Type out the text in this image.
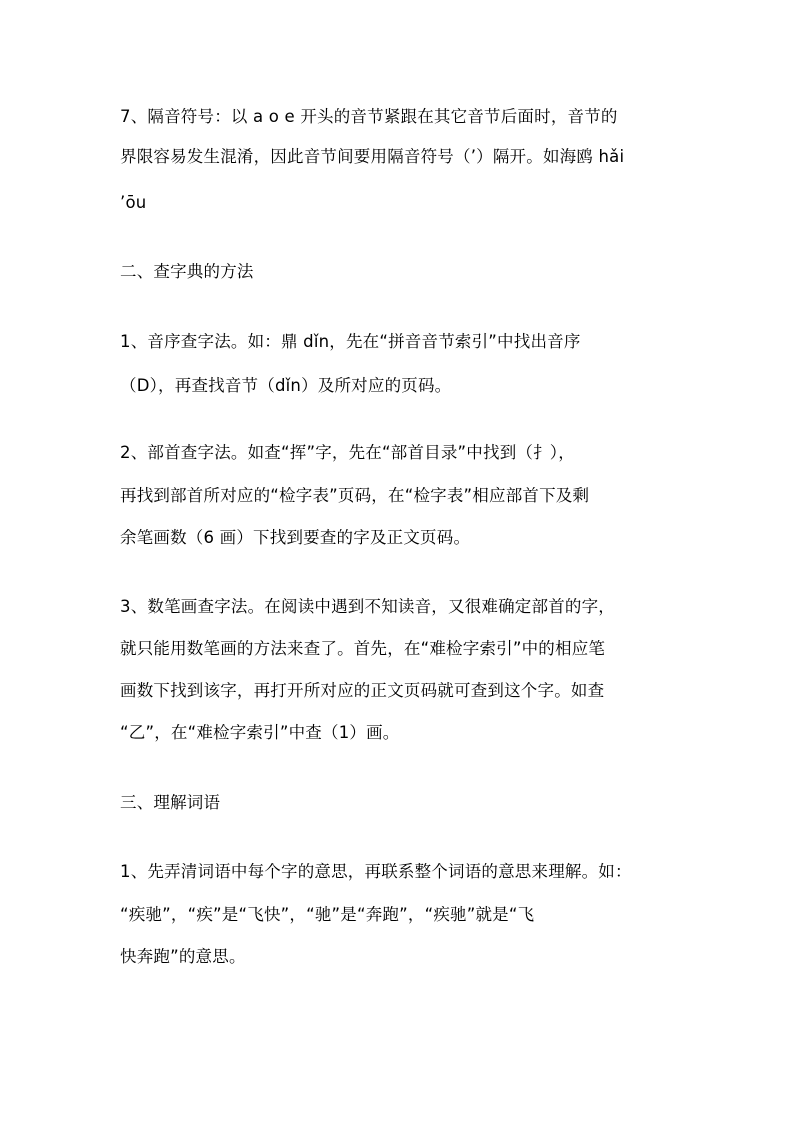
7、隔音符号：以 a o e 开头的音节紧跟在其它音节后面时，音节的
界限容易发生混淆，因此音节间要用隔音符号（’）隔开。如海鸥 hǎi
’ōu
二、查字典的方法
1、音序查字法。如：鼎 dǐn，先在“拼音音节索引”中找出音序
（D），再查找音节（dǐn）及所对应的页码。
2、部首查字法。如查“挥”字，先在“部首目录”中找到（扌），
再找到部首所对应的“检字表”页码，在“检字表”相应部首下及剩
余笔画数（6 画）下找到要查的字及正文页码。
3、数笔画查字法。在阅读中遇到不知读音，又很难确定部首的字，
就只能用数笔画的方法来查了。首先，在“难检字索引”中的相应笔
画数下找到该字，再打开所对应的正文页码就可查到这个字。如查
“乙”，在“难检字索引”中查（1）画。
三、理解词语
1、先弄清词语中每个字的意思，再联系整个词语的意思来理解。如：
“疾驰”，“疾”是“飞快”，“驰”是“奔跑”，“疾驰”就是“飞
快奔跑”的意思。
